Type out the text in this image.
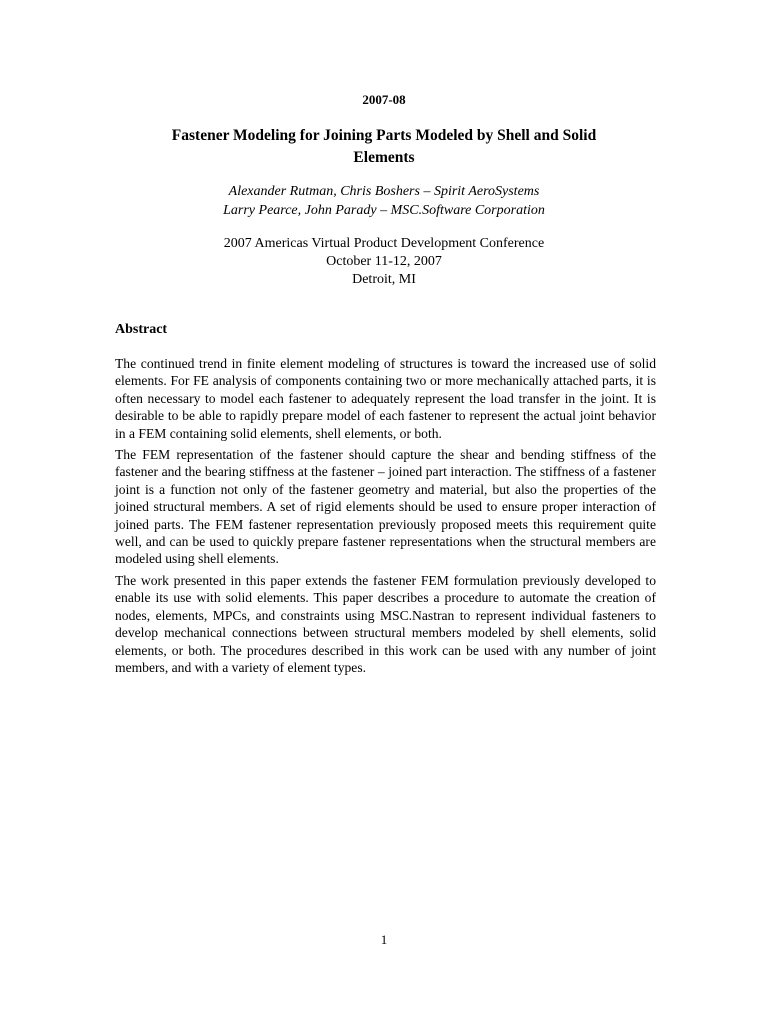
2007-08
Fastener Modeling for Joining Parts Modeled by Shell and Solid
Elements
Alexander Rutman, Chris Boshers – Spirit AeroSystems
Larry Pearce, John Parady – MSC.Software Corporation
2007 Americas Virtual Product Development Conference
October 11-12, 2007
Detroit, MI
Abstract

The continued trend in finite element modeling of structures is toward the increased use of solid elements. For FE analysis of components containing two or more mechanically attached parts, it is often necessary to model each fastener to adequately represent the load transfer in the joint. It is desirable to be able to rapidly prepare model of each fastener to represent the actual joint behavior in a FEM containing solid elements, shell elements, or both.

The FEM representation of the fastener should capture the shear and bending stiffness of the fastener and the bearing stiffness at the fastener – joined part interaction. The stiffness of a fastener joint is a function not only of the fastener geometry and material, but also the properties of the joined structural members. A set of rigid elements should be used to ensure proper interaction of joined parts. The FEM fastener representation previously proposed meets this requirement quite well, and can be used to quickly prepare fastener representations when the structural members are modeled using shell elements.

The work presented in this paper extends the fastener FEM formulation previously developed to enable its use with solid elements. This paper describes a procedure to automate the creation of nodes, elements, MPCs, and constraints using MSC.Nastran to represent individual fasteners to develop mechanical connections between structural members modeled by shell elements, solid elements, or both. The procedures described in this work can be used with any number of joint members, and with a variety of element types.

1
